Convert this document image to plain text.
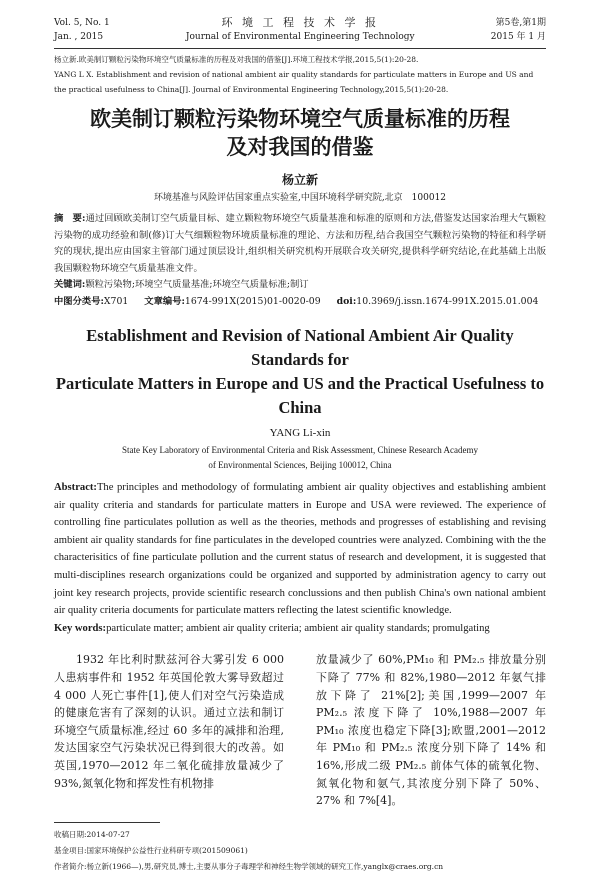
Vol. 5, No. 1
Jan. , 2015
环 境 工 程 技 术 学 报
Journal of Environmental Engineering Technology
第5卷,第1期
2015 年 1 月
杨立新.欧美制订颗粒污染物环境空气质量标准的历程及对我国的借鉴[J].环境工程技术学报,2015,5(1):20-28.
YANG L X. Establishment and revision of national ambient air quality standards for particulate matters in Europe and US and the practical usefulness to China[J]. Journal of Environmental Engineering Technology,2015,5(1):20-28.
欧美制订颗粒污染物环境空气质量标准的历程
及对我国的借鉴
杨立新
环境基准与风险评估国家重点实验室,中国环境科学研究院,北京　100012
摘　要:通过回顾欧美制订空气质量目标、建立颗粒物环境空气质量基准和标准的原则和方法,借鉴发达国家治理大气颗粒污染物的成功经验和制(修)订大气细颗粒物环境质量标准的理论、方法和历程,结合我国空气颗粒污染物的特征和科学研究的现状,提出应由国家主管部门通过顶层设计,组织相关研究机构开展联合攻关研究,提供科学研究结论,在此基础上出版我国颗粒物环境空气质量基准文件。
关键词:颗粒污染物;环境空气质量基准;环境空气质量标准;制订
中图分类号:X701 文章编号:1674-991X(2015)01-0020-09 doi:10.3969/j.issn.1674-991X.2015.01.004
Establishment and Revision of National Ambient Air Quality Standards for
Particulate Matters in Europe and US and the Practical Usefulness to China
YANG Li-xin
State Key Laboratory of Environmental Criteria and Risk Assessment, Chinese Research Academy
of Environmental Sciences, Beijing 100012, China
Abstract:The principles and methodology of formulating ambient air quality objectives and establishing ambient air quality criteria and standards for particulate matters in Europe and USA were reviewed. The experience of controlling fine particulates pollution as well as the theories, methods and progresses of establishing and revising ambient air quality standards for fine particulates in the developed countries were analyzed. Combining with the the characterisitics of fine particulate pollution and the current status of research and development, it is suggested that multi-disciplines research organizations could be organized and supported by administration agency to carry out joint key research projects, provide scientific research conclussions and then publish China's own national ambient air quality criteria documents for particulate matters reflecting the latest scientific knowledge.
Key words:particulate matter; ambient air quality criteria; ambient air quality standards; promulgating
1932 年比利时默兹河谷大雾引发 6 000 人患病事件和 1952 年英国伦敦大雾导致超过 4 000 人死亡事件[1],使人们对空气污染造成的健康危害有了深刻的认识。通过立法和制订环境空气质量标准,经过 60 多年的减排和治理,发达国家空气污染状况已得到很大的改善。如英国,1970—2012 年二氧化硫排放量减少了 93%,氮氧化物和挥发性有机物排
放量减少了 60%,PM₁₀ 和 PM₂.₅ 排放量分别下降了 77% 和 82%,1980—2012 年氨气排放下降了 21%[2];美国,1999—2007 年 PM₂.₅ 浓度下降了 10%,1988—2007 年 PM₁₀ 浓度也稳定下降[3];欧盟,2001—2012 年 PM₁₀ 和 PM₂.₅ 浓度分别下降了 14% 和 16%,形成二级 PM₂.₅ 前体气体的硫氧化物、氮氧化物和氨气,其浓度分别下降了 50%、27% 和 7%[4]。
收稿日期:2014-07-27
基金项目:国家环境保护公益性行业科研专项(201509061)
作者简介:杨立新(1966—),男,研究员,博士,主要从事分子毒理学和神经生物学领域的研究工作,yanglx@craes.org.cn
